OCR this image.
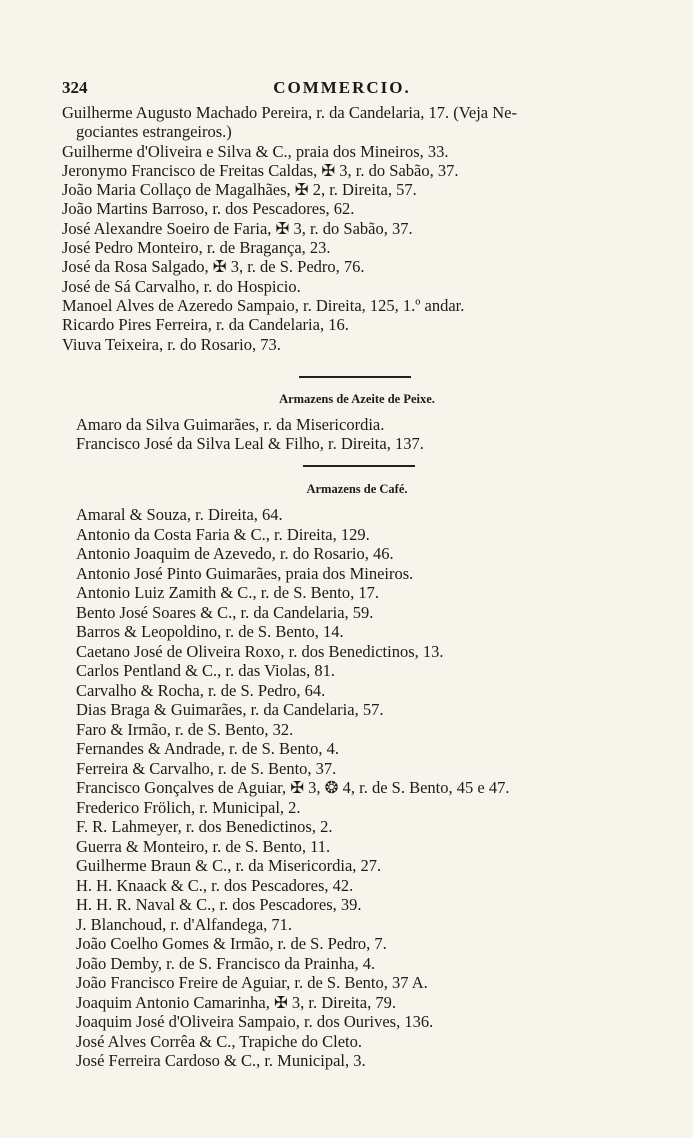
324	COMMERCIO.
Guilherme Augusto Machado Pereira, r. da Candelaria, 17. (Veja Ne-
gociantes estrangeiros.)
Guilherme d'Oliveira e Silva & C., praia dos Mineiros, 33.
Jeronymo Francisco de Freitas Caldas, ✠ 3, r. do Sabão, 37.
João Maria Collaço de Magalhães, ✠ 2, r. Direita, 57.
João Martins Barroso, r. dos Pescadores, 62.
José Alexandre Soeiro de Faria, ✠ 3, r. do Sabão, 37.
José Pedro Monteiro, r. de Bragança, 23.
José da Rosa Salgado, ✠ 3, r. de S. Pedro, 76.
José de Sá Carvalho, r. do Hospicio.
Manoel Alves de Azeredo Sampaio, r. Direita, 125, 1.º andar.
Ricardo Pires Ferreira, r. da Candelaria, 16.
Viuva Teixeira, r. do Rosario, 73.
Armazens de Azeite de Peixe.
Amaro da Silva Guimarães, r. da Misericordia.
Francisco José da Silva Leal & Filho, r. Direita, 137.
Armazens de Café.
Amaral & Souza, r. Direita, 64.
Antonio da Costa Faria & C., r. Direita, 129.
Antonio Joaquim de Azevedo, r. do Rosario, 46.
Antonio José Pinto Guimarães, praia dos Mineiros.
Antonio Luiz Zamith & C., r. de S. Bento, 17.
Bento José Soares & C., r. da Candelaria, 59.
Barros & Leopoldino, r. de S. Bento, 14.
Caetano José de Oliveira Roxo, r. dos Benedictinos, 13.
Carlos Pentland & C., r. das Violas, 81.
Carvalho & Rocha, r. de S. Pedro, 64.
Dias Braga & Guimarães, r. da Candelaria, 57.
Faro & Irmão, r. de S. Bento, 32.
Fernandes & Andrade, r. de S. Bento, 4.
Ferreira & Carvalho, r. de S. Bento, 37.
Francisco Gonçalves de Aguiar, ✠ 3, ❂ 4, r. de S. Bento, 45 e 47.
Frederico Frölich, r. Municipal, 2.
F. R. Lahmeyer, r. dos Benedictinos, 2.
Guerra & Monteiro, r. de S. Bento, 11.
Guilherme Braun & C., r. da Misericordia, 27.
H. H. Knaack & C., r. dos Pescadores, 42.
H. H. R. Naval & C., r. dos Pescadores, 39.
J. Blanchoud, r. d'Alfandega, 71.
João Coelho Gomes & Irmão, r. de S. Pedro, 7.
João Demby, r. de S. Francisco da Prainha, 4.
João Francisco Freire de Aguiar, r. de S. Bento, 37 A.
Joaquim Antonio Camarinha, ✠ 3, r. Direita, 79.
Joaquim José d'Oliveira Sampaio, r. dos Ourives, 136.
José Alves Corrêa & C., Trapiche do Cleto.
José Ferreira Cardoso & C., r. Municipal, 3.
